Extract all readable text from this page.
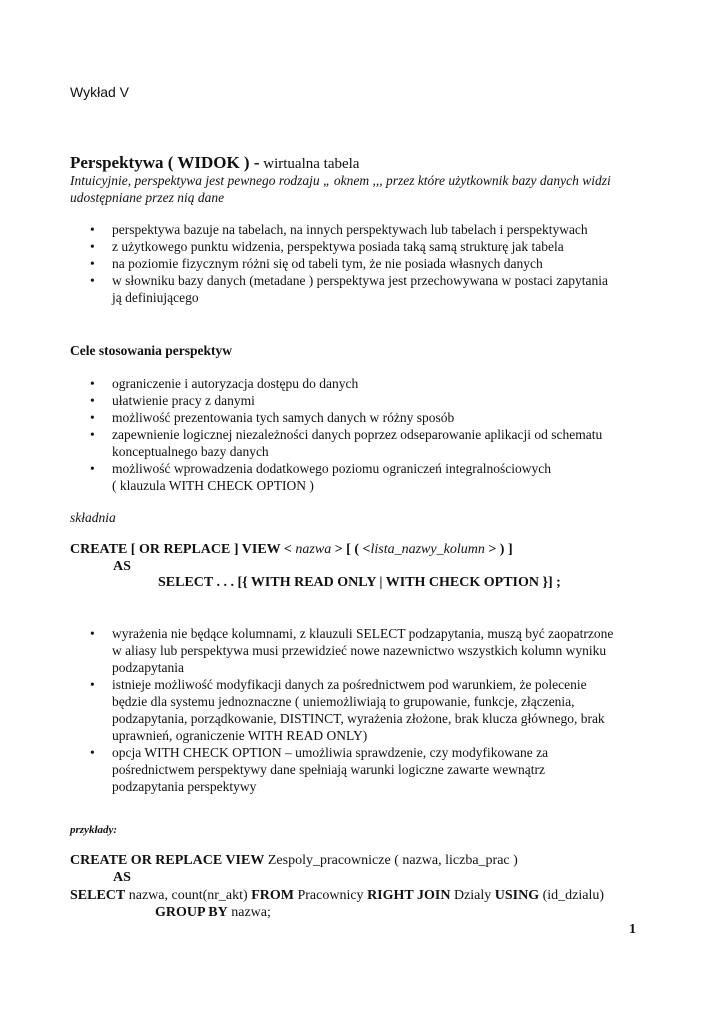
Wykład V
Perspektywa ( WIDOK ) - wirtualna tabela
Intuicyjnie, perspektywa jest pewnego rodzaju „ oknem ,,, przez które użytkownik bazy danych widzi udostępniane przez nią dane
• perspektywa bazuje na tabelach, na innych perspektywach lub tabelach i perspektywach
• z użytkowego punktu widzenia, perspektywa posiada taką samą strukturę jak tabela
• na poziomie fizycznym różni się od tabeli tym, że nie posiada własnych danych
• w słowniku bazy danych (metadane ) perspektywa jest przechowywana w postaci zapytania
ją definiującego
Cele stosowania perspektyw
• ograniczenie i autoryzacja dostępu do danych
• ułatwienie pracy z danymi
• możliwość prezentowania tych samych danych w różny sposób
• zapewnienie logicznej niezależności danych poprzez odseparowanie aplikacji od schematu
konceptualnego bazy danych
• możliwość wprowadzenia dodatkowego poziomu ograniczeń integralnościowych
( klauzula WITH CHECK OPTION )
składnia
CREATE [ OR REPLACE ] VIEW < nazwa > [ ( <lista_nazwy_kolumn > ) ]
AS
SELECT . . . [{ WITH READ ONLY | WITH CHECK OPTION }] ;
• wyrażenia nie będące kolumnami, z klauzuli SELECT podzapytania, muszą być zaopatrzone
w aliasy lub perspektywa musi przewidzieć nowe nazewnictwo wszystkich kolumn wyniku
podzapytania
• istnieje możliwość modyfikacji danych za pośrednictwem pod warunkiem, że polecenie
będzie dla systemu jednoznaczne ( uniemożliwiają to grupowanie, funkcje, złączenia,
podzapytania, porządkowanie, DISTINCT, wyrażenia złożone, brak klucza głównego, brak
uprawnień, ograniczenie WITH READ ONLY)
• opcja WITH CHECK OPTION – umożliwia sprawdzenie, czy modyfikowane za
pośrednictwem perspektywy dane spełniają warunki logiczne zawarte wewnątrz
podzapytania perspektywy
przykłady:
CREATE OR REPLACE VIEW Zespoly_pracownicze ( nazwa, liczba_prac )
AS
SELECT nazwa, count(nr_akt) FROM Pracownicy RIGHT JOIN Dzialy USING (id_dzialu)
GROUP BY nazwa;
1
